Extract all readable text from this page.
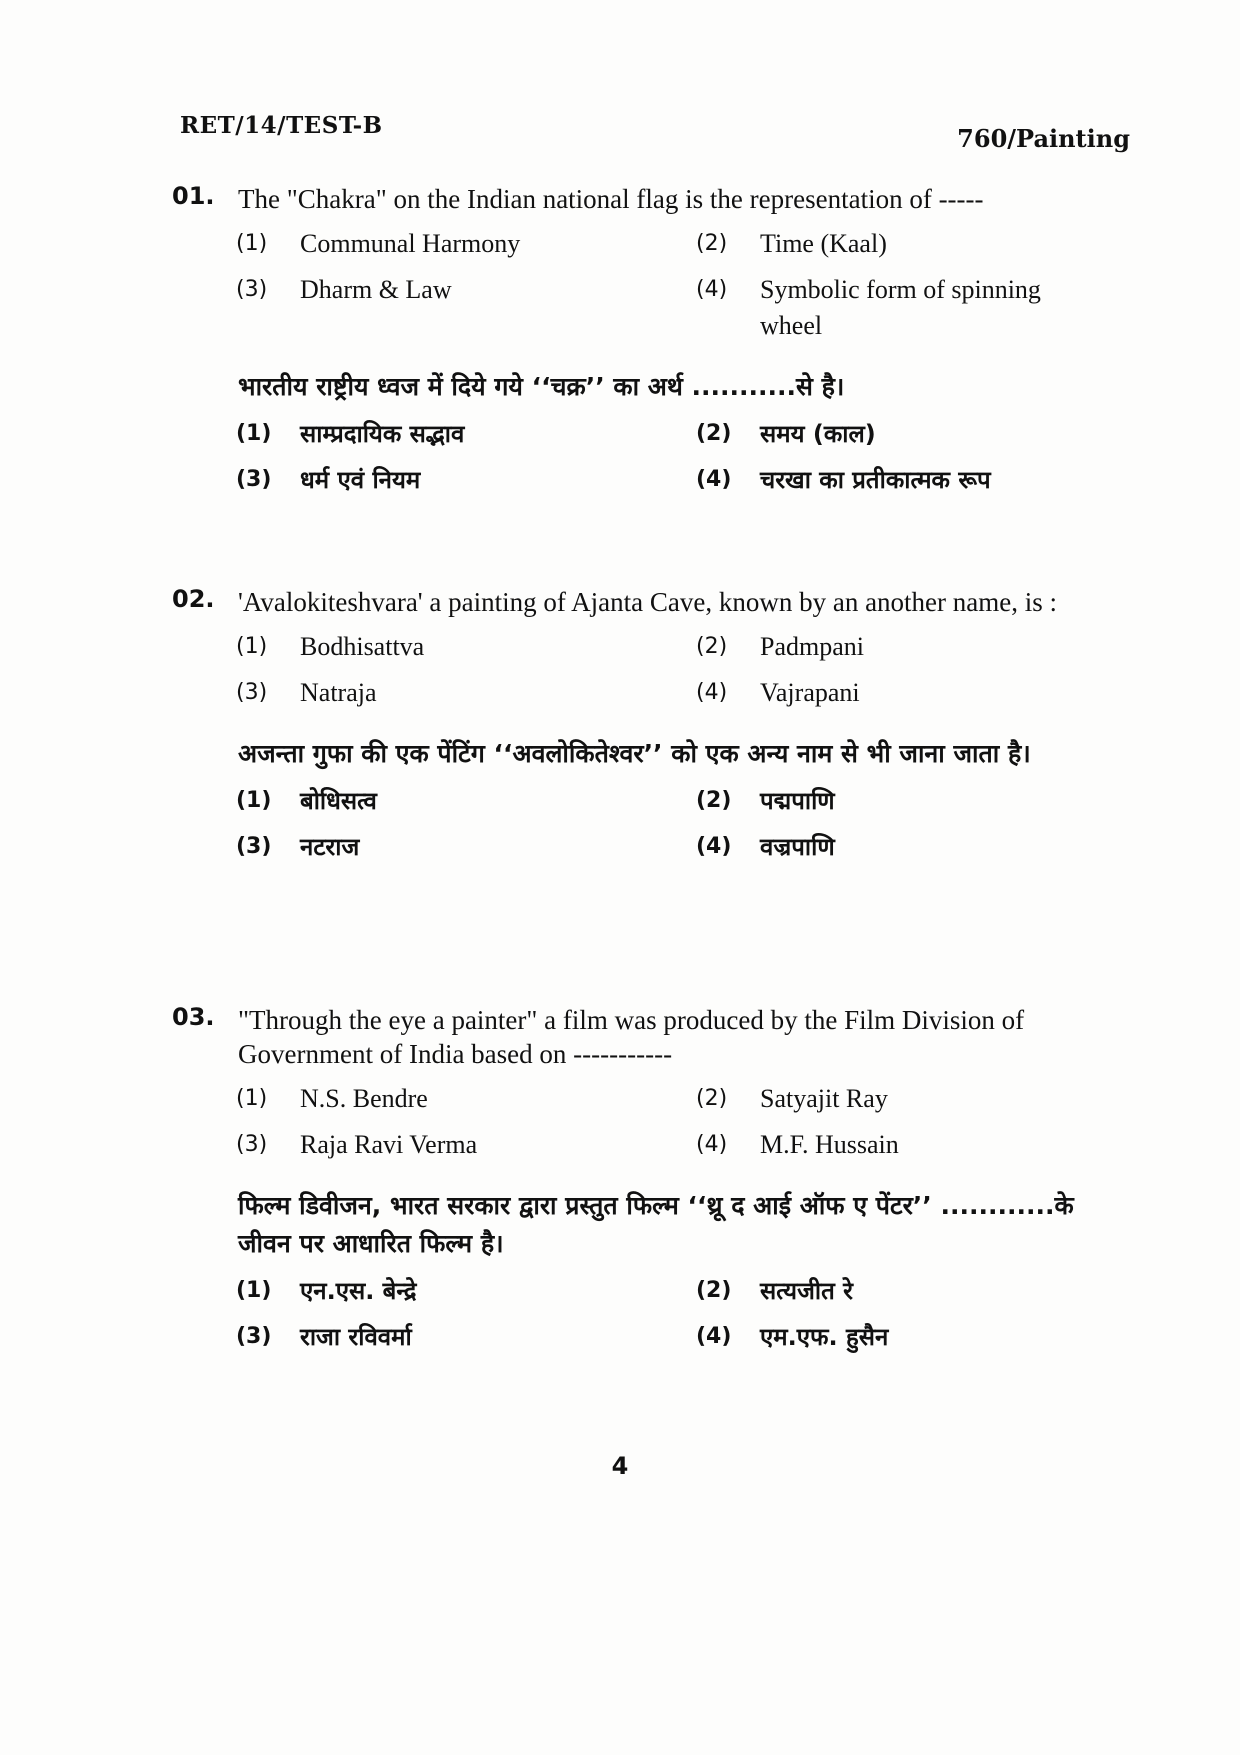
RET/14/TEST-B	760/Painting
01. The "Chakra" on the Indian national flag is the representation of -----
(1)	Communal Harmony	(2)	Time (Kaal)
(3)	Dharm & Law	(4)	Symbolic form of spinning wheel
भारतीय राष्ट्रीय ध्वज में दिये गये ‘‘चक्र’’ का अर्थ ...........से है।
(1)	साम्प्रदायिक सद्भाव	(2)	समय (काल)
(3)	धर्म एवं नियम	(4)	चरखा का प्रतीकात्मक रूप
02. 'Avalokiteshvara' a painting of Ajanta Cave, known by an another name, is :
(1)	Bodhisattva	(2)	Padmpani
(3)	Natraja	(4)	Vajrapani
अजन्ता गुफा की एक पेंटिंग ‘‘अवलोकितेश्वर’’ को एक अन्य नाम से भी जाना जाता है।
(1)	बोधिसत्व	(2)	पद्मपाणि
(3)	नटराज	(4)	वज्रपाणि
03. "Through the eye a painter" a film was produced by the Film Division of Government of India based on -----------
(1)	N.S. Bendre	(2)	Satyajit Ray
(3)	Raja Ravi Verma	(4)	M.F. Hussain
फिल्म डिवीजन, भारत सरकार द्वारा प्रस्तुत फिल्म ‘‘थ्रू द आई ऑफ ए पेंटर’’ ............के जीवन पर आधारित फिल्म है।
(1)	एन.एस. बेन्द्रे	(2)	सत्यजीत रे
(3)	राजा रविवर्मा	(4)	एम.एफ. हुसैन
4
